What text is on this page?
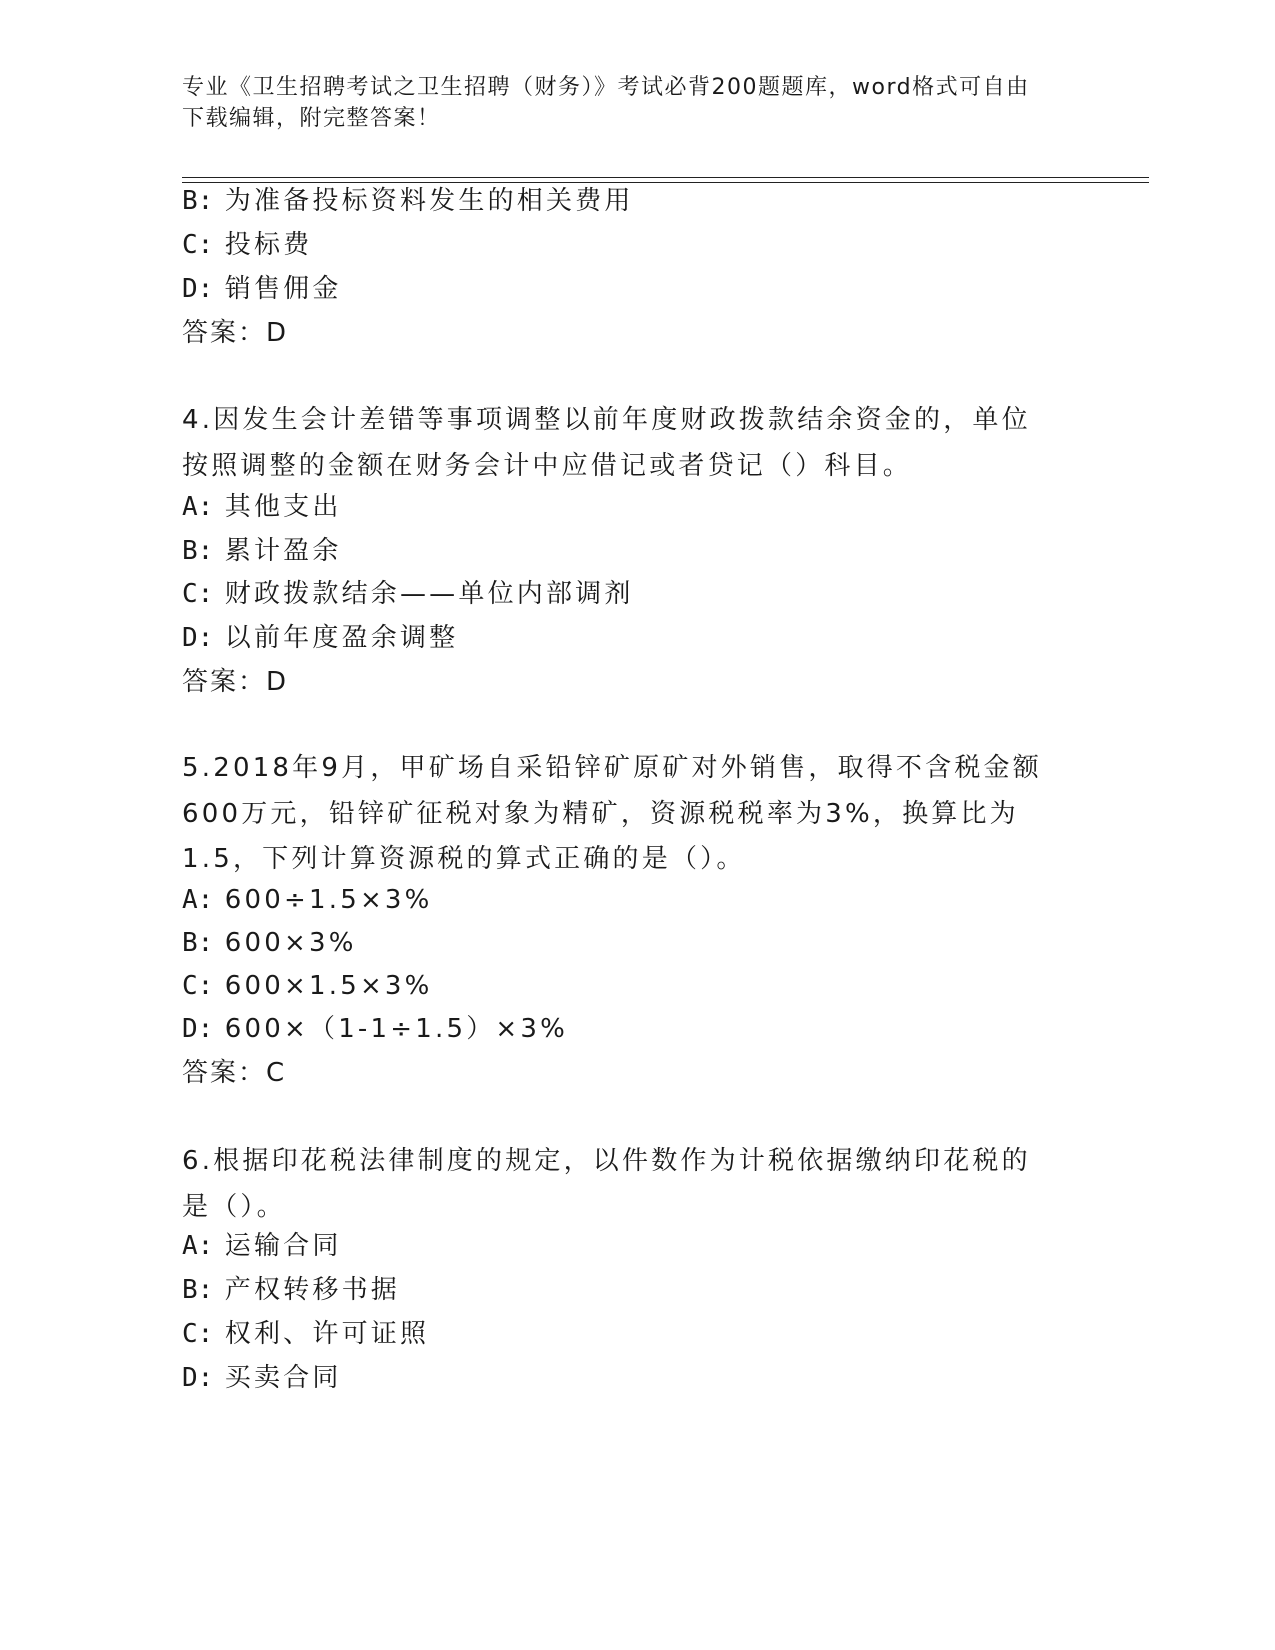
专业《卫生招聘考试之卫生招聘（财务）》考试必背200题题库，word格式可自由下载编辑，附完整答案！
B: 为准备投标资料发生的相关费用
C: 投标费
D: 销售佣金
答案：D
4.因发生会计差错等事项调整以前年度财政拨款结余资金的，单位按照调整的金额在财务会计中应借记或者贷记（）科目。
A: 其他支出
B: 累计盈余
C: 财政拨款结余——单位内部调剂
D: 以前年度盈余调整
答案：D
5.2018年9月，甲矿场自采铅锌矿原矿对外销售，取得不含税金额600万元，铅锌矿征税对象为精矿，资源税税率为3%，换算比为1.5，下列计算资源税的算式正确的是（）。
A: 600÷1.5×3%
B: 600×3%
C: 600×1.5×3%
D: 600×（1-1÷1.5）×3%
答案：C
6.根据印花税法律制度的规定，以件数作为计税依据缴纳印花税的是（）。
A: 运输合同
B: 产权转移书据
C: 权利、许可证照
D: 买卖合同
